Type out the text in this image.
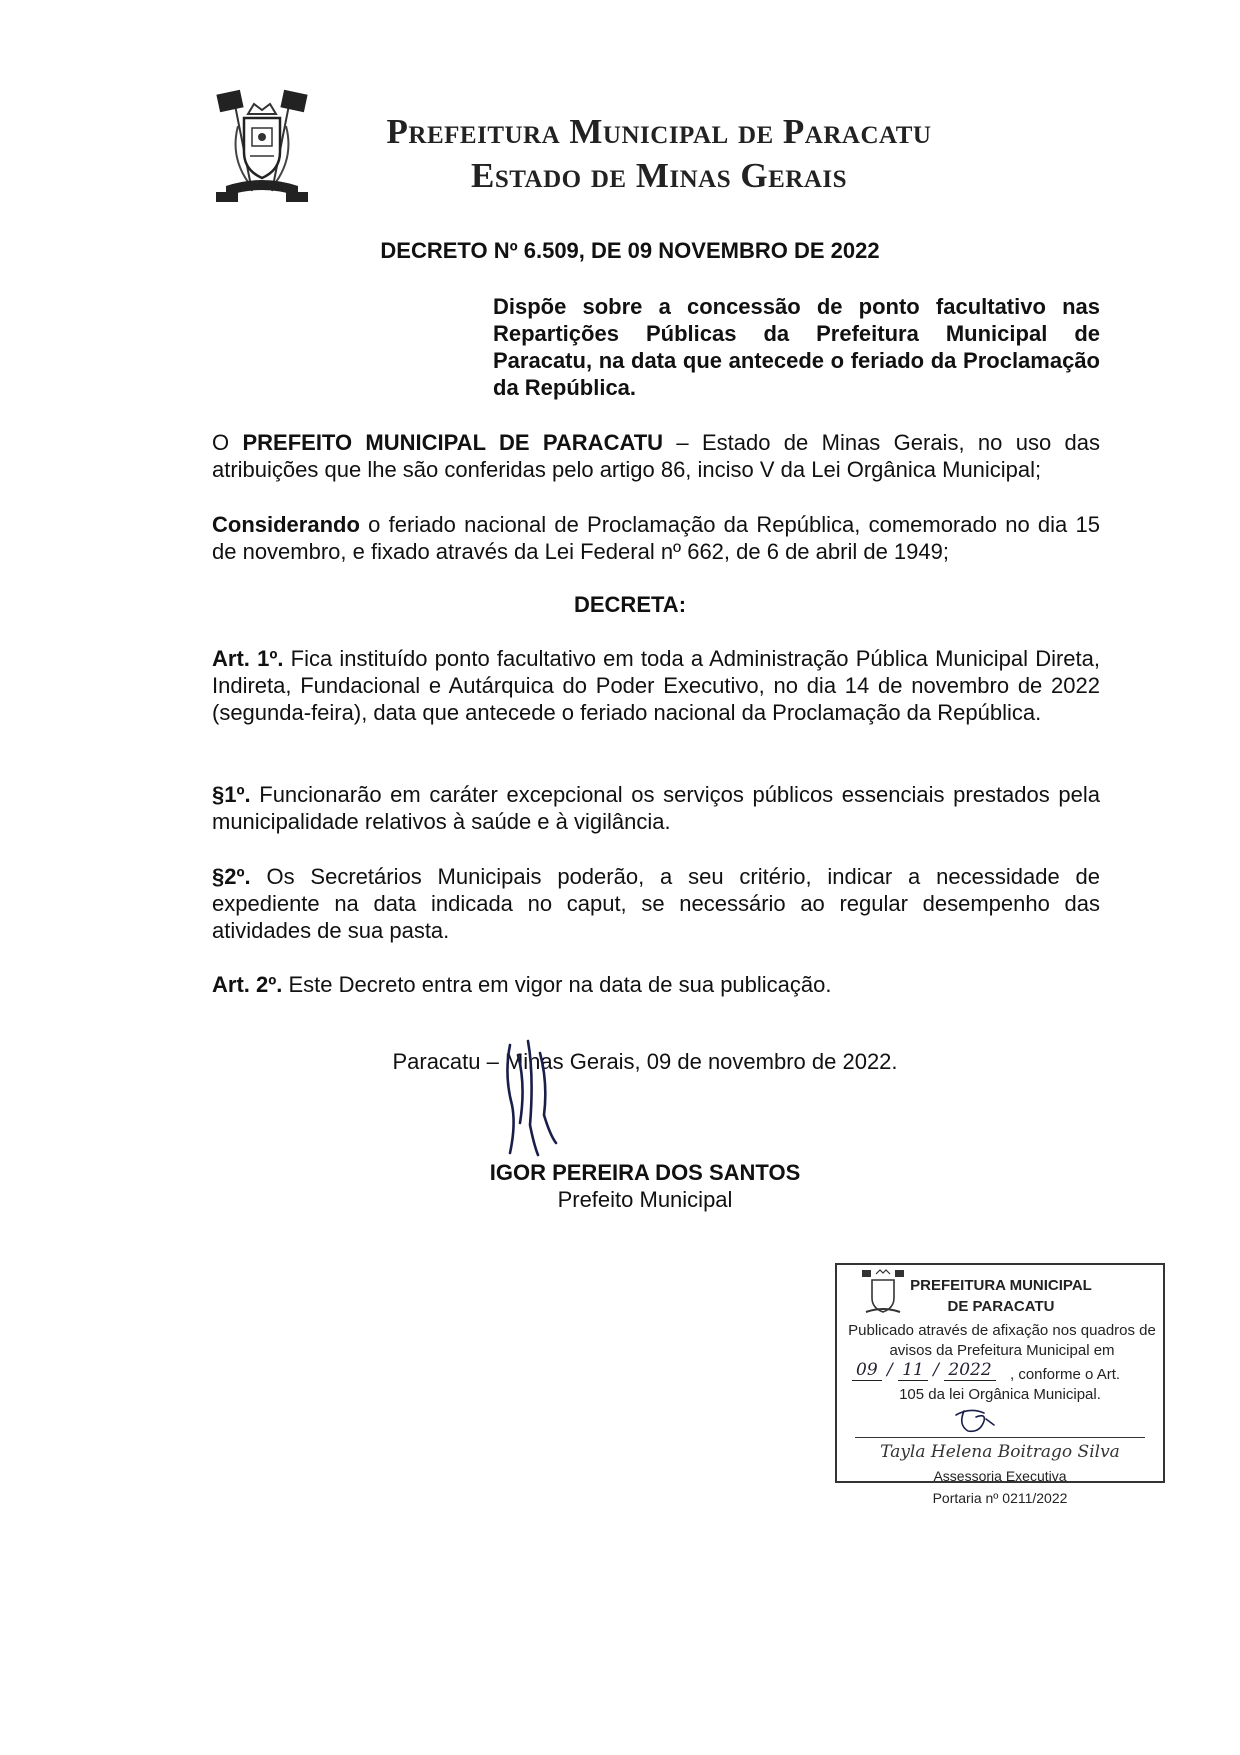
Prefeitura Municipal de Paracatu
Estado de Minas Gerais
DECRETO Nº 6.509, DE 09 NOVEMBRO DE 2022
Dispõe sobre a concessão de ponto facultativo nas Repartições Públicas da Prefeitura Municipal de Paracatu, na data que antecede o feriado da Proclamação da República.
O PREFEITO MUNICIPAL DE PARACATU – Estado de Minas Gerais, no uso das atribuições que lhe são conferidas pelo artigo 86, inciso V da Lei Orgânica Municipal;
Considerando o feriado nacional de Proclamação da República, comemorado no dia 15 de novembro, e fixado através da Lei Federal nº 662, de 6 de abril de 1949;
DECRETA:
Art. 1º. Fica instituído ponto facultativo em toda a Administração Pública Municipal Direta, Indireta, Fundacional e Autárquica do Poder Executivo, no dia 14 de novembro de 2022 (segunda-feira), data que antecede o feriado nacional da Proclamação da República.
§1º. Funcionarão em caráter excepcional os serviços públicos essenciais prestados pela municipalidade relativos à saúde e à vigilância.
§2º. Os Secretários Municipais poderão, a seu critério, indicar a necessidade de expediente na data indicada no caput, se necessário ao regular desempenho das atividades de sua pasta.
Art. 2º. Este Decreto entra em vigor na data de sua publicação.
Paracatu – Minas Gerais, 09 de novembro de 2022.
IGOR PEREIRA DOS SANTOS
Prefeito Municipal
PREFEITURA MUNICIPAL
DE PARACATU
Publicado através de afixação nos quadros de
avisos da Prefeitura Municipal em
09 / 11 / 2022 , conforme o Art.
105 da lei Orgânica Municipal.
Tayla Helena Boitrago Silva
Assessoria Executiva
Portaria nº 0211/2022
